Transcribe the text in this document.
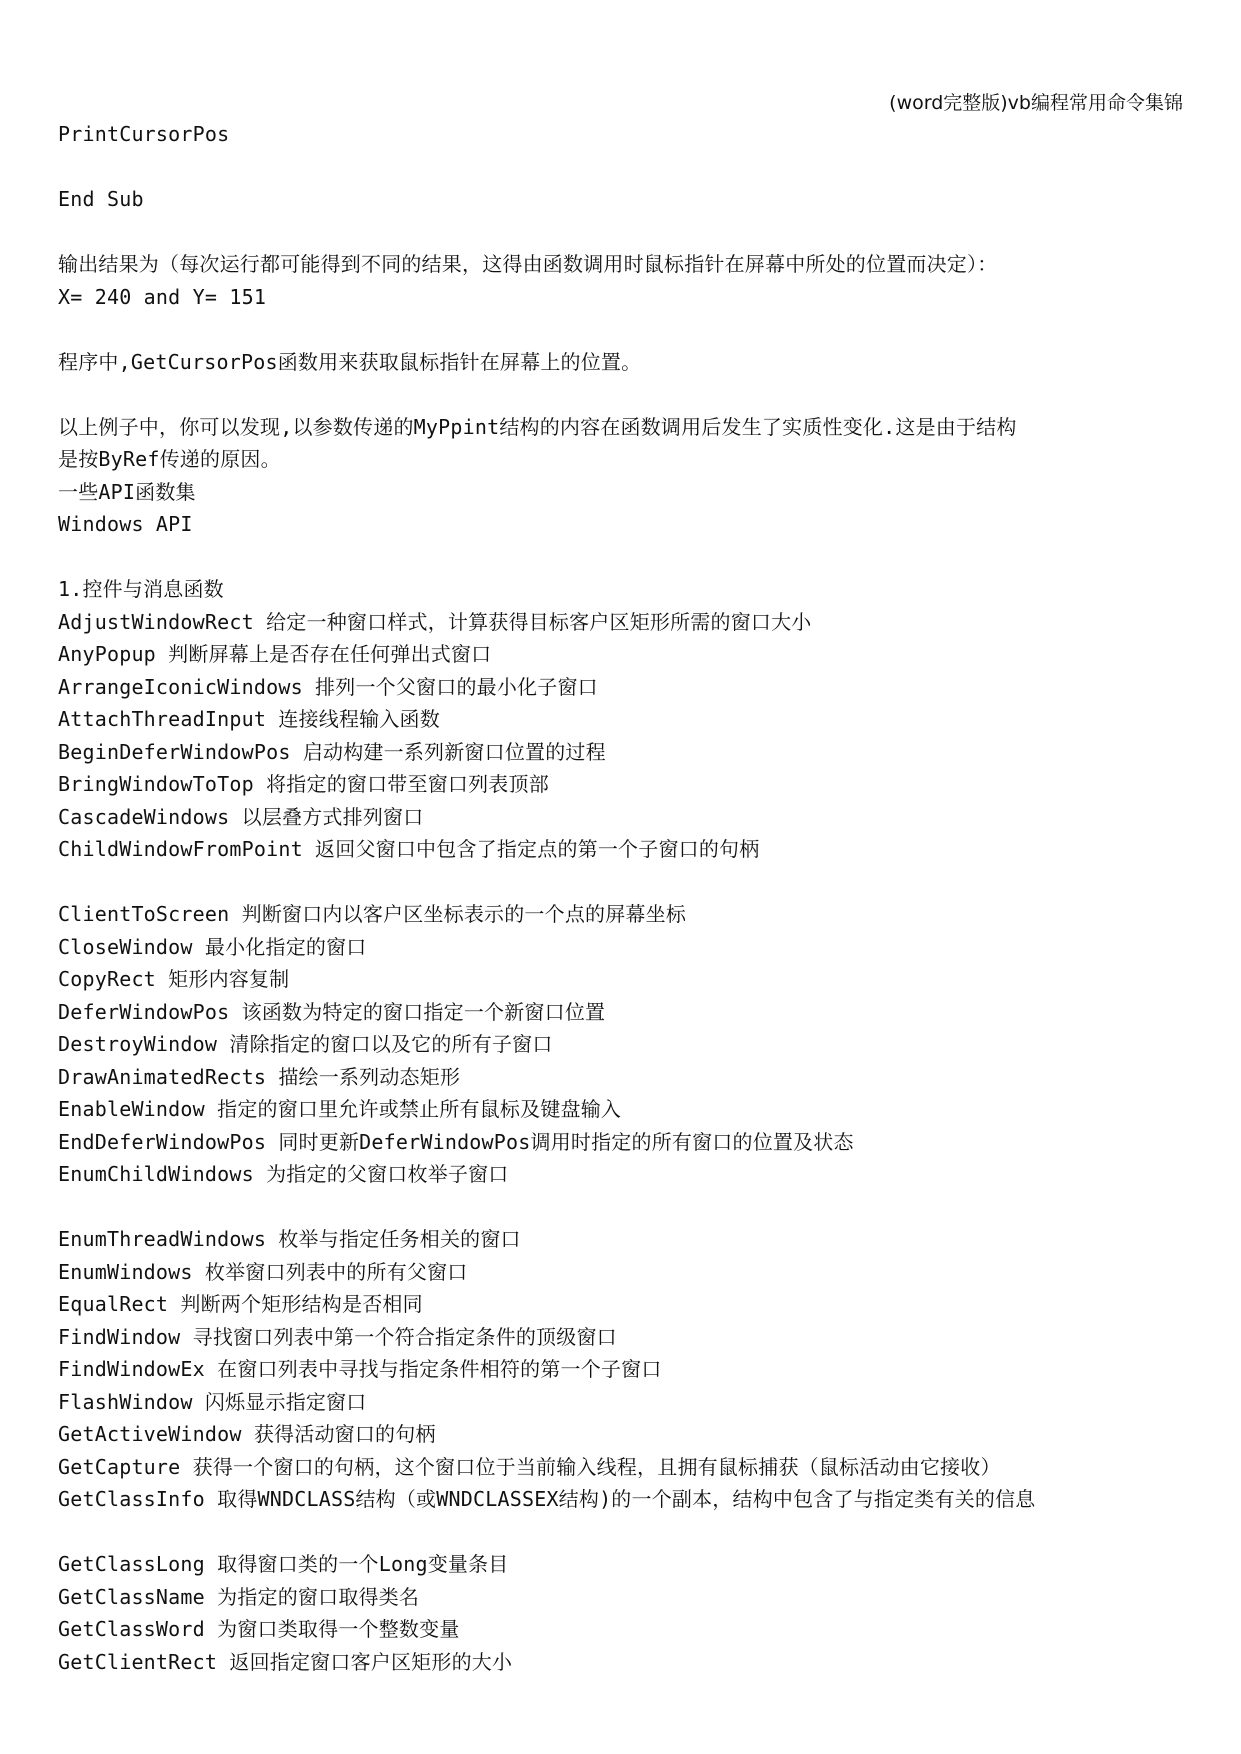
(word完整版)vb编程常用命令集锦
PrintCursorPos
End Sub
输出结果为（每次运行都可能得到不同的结果，这得由函数调用时鼠标指针在屏幕中所处的位置而决定）：
X= 240 and Y= 151
程序中,GetCursorPos函数用来获取鼠标指针在屏幕上的位置。
以上例子中，你可以发现,以参数传递的MyPpint结构的内容在函数调用后发生了实质性变化.这是由于结构
是按ByRef传递的原因。
一些API函数集
Windows API
1.控件与消息函数
AdjustWindowRect 给定一种窗口样式，计算获得目标客户区矩形所需的窗口大小
AnyPopup 判断屏幕上是否存在任何弹出式窗口
ArrangeIconicWindows 排列一个父窗口的最小化子窗口
AttachThreadInput 连接线程输入函数
BeginDeferWindowPos 启动构建一系列新窗口位置的过程
BringWindowToTop 将指定的窗口带至窗口列表顶部
CascadeWindows 以层叠方式排列窗口
ChildWindowFromPoint 返回父窗口中包含了指定点的第一个子窗口的句柄
ClientToScreen 判断窗口内以客户区坐标表示的一个点的屏幕坐标
CloseWindow 最小化指定的窗口
CopyRect 矩形内容复制
DeferWindowPos 该函数为特定的窗口指定一个新窗口位置
DestroyWindow 清除指定的窗口以及它的所有子窗口
DrawAnimatedRects 描绘一系列动态矩形
EnableWindow 指定的窗口里允许或禁止所有鼠标及键盘输入
EndDeferWindowPos 同时更新DeferWindowPos调用时指定的所有窗口的位置及状态
EnumChildWindows 为指定的父窗口枚举子窗口
EnumThreadWindows 枚举与指定任务相关的窗口
EnumWindows 枚举窗口列表中的所有父窗口
EqualRect 判断两个矩形结构是否相同
FindWindow 寻找窗口列表中第一个符合指定条件的顶级窗口
FindWindowEx 在窗口列表中寻找与指定条件相符的第一个子窗口
FlashWindow 闪烁显示指定窗口
GetActiveWindow 获得活动窗口的句柄
GetCapture 获得一个窗口的句柄，这个窗口位于当前输入线程，且拥有鼠标捕获（鼠标活动由它接收）
GetClassInfo 取得WNDCLASS结构（或WNDCLASSEX结构)的一个副本，结构中包含了与指定类有关的信息
GetClassLong 取得窗口类的一个Long变量条目
GetClassName 为指定的窗口取得类名
GetClassWord 为窗口类取得一个整数变量
GetClientRect 返回指定窗口客户区矩形的大小
